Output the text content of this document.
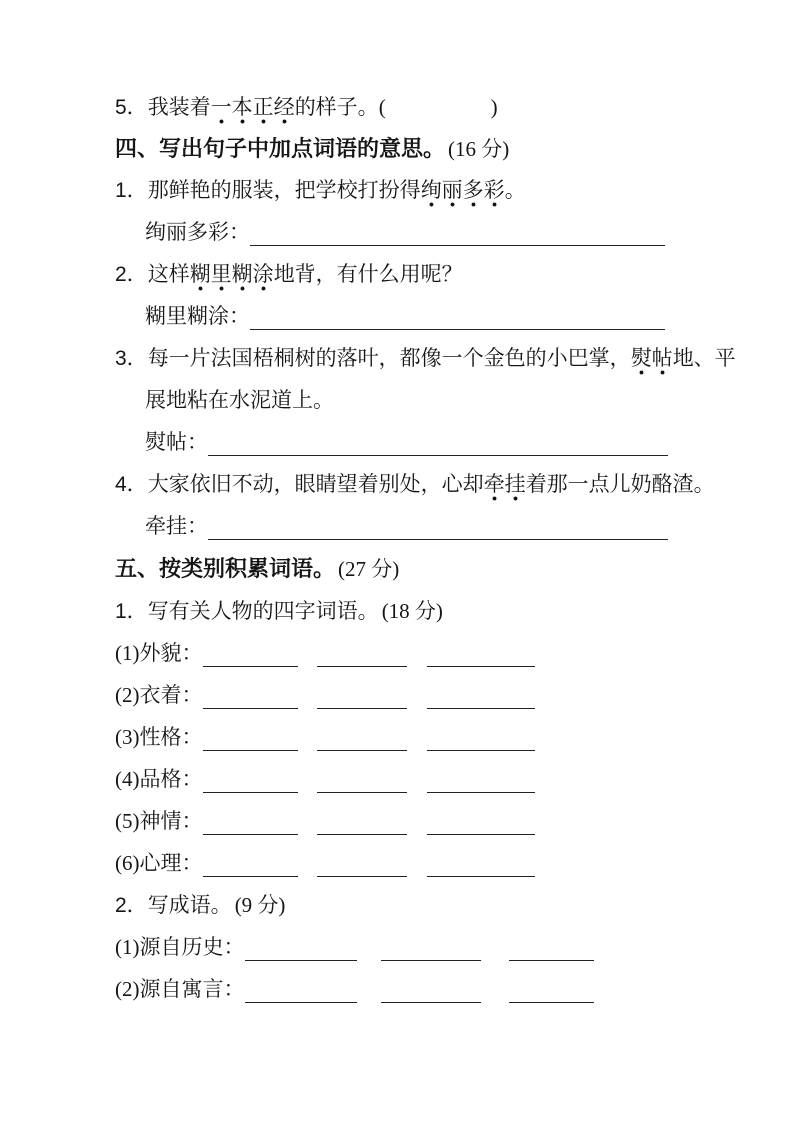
5．我装着一本正经的样子。(　　　　　)
四、写出句子中加点词语的意思。 (16 分)
1．那鲜艳的服装，把学校打扮得绚丽多彩。
绚丽多彩：
2．这样糊里糊涂地背，有什么用呢？
糊里糊涂：
3．每一片法国梧桐树的落叶，都像一个金色的小巴掌，熨帖地、平
展地粘在水泥道上。
熨帖：
4．大家依旧不动，眼睛望着别处，心却牵挂着那一点儿奶酪渣。
牵挂：
五、按类别积累词语。 (27 分)
1．写有关人物的四字词语。 (18 分)
(1)外貌：
(2)衣着：
(3)性格：
(4)品格：
(5)神情：
(6)心理：
2．写成语。 (9 分)
(1)源自历史：
(2)源自寓言：
